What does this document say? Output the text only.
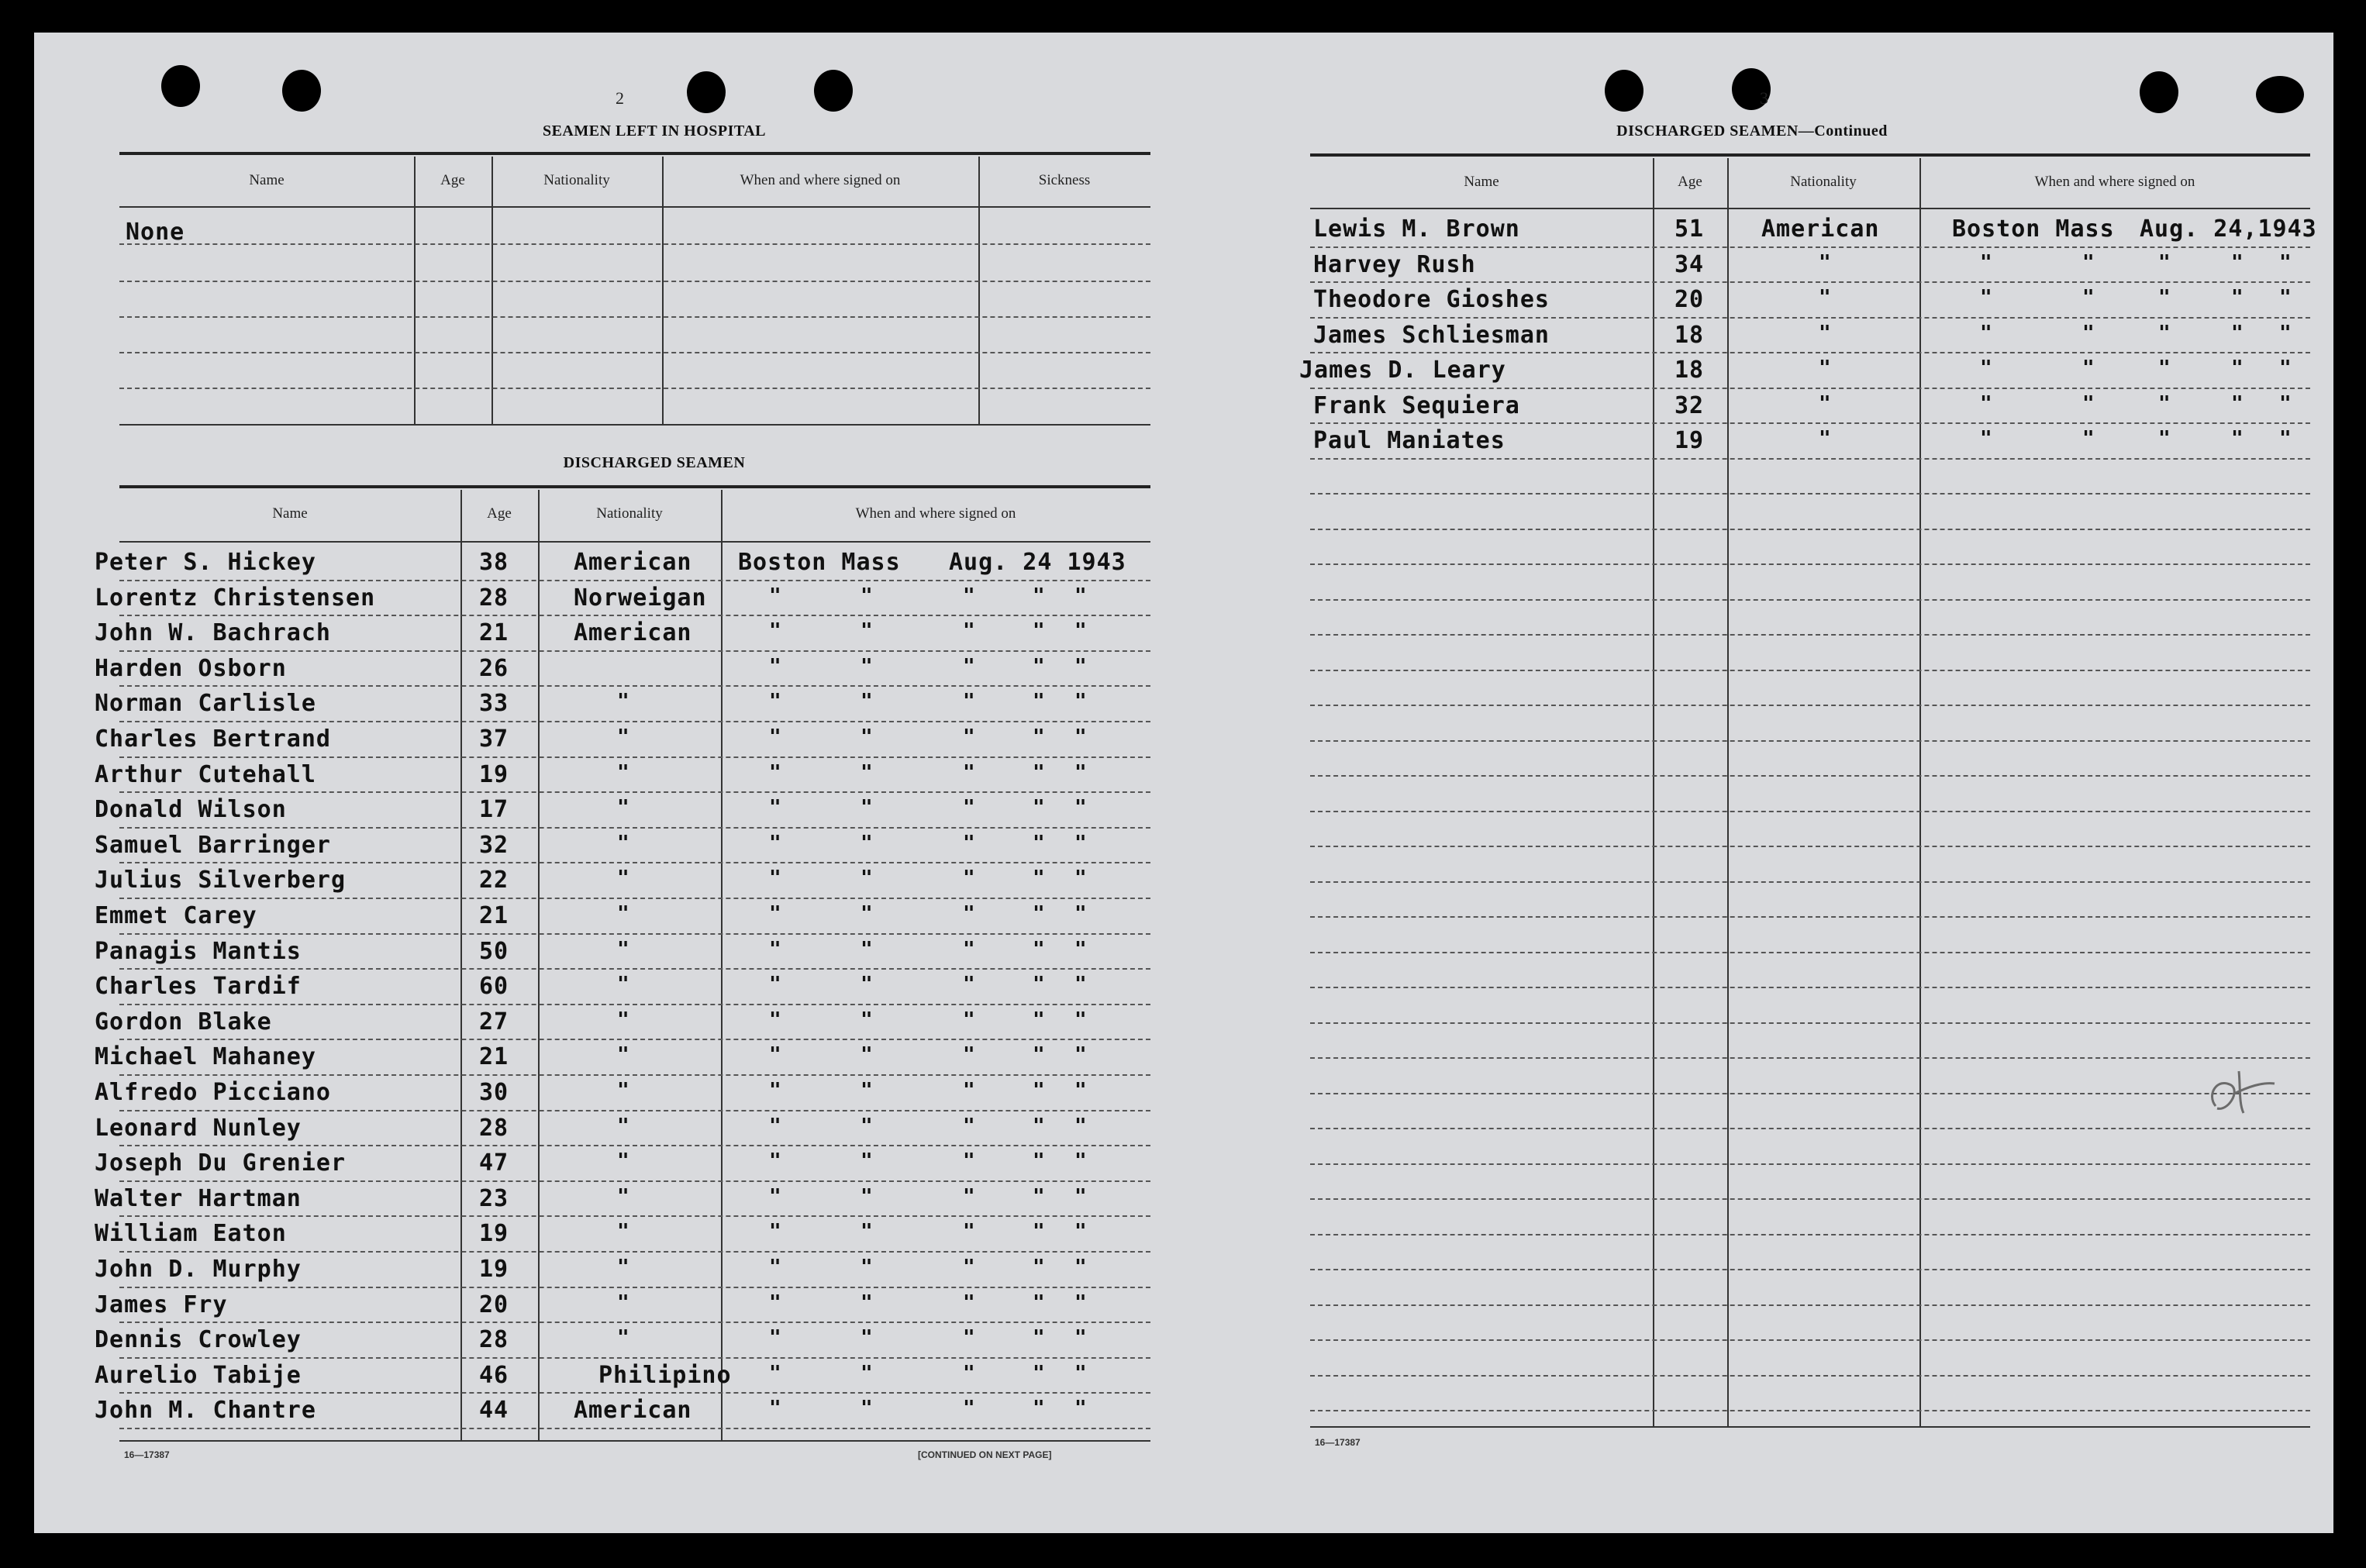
2
SEAMEN LEFT IN HOSPITAL
Name	Age	Nationality	When and where signed on	Sickness
None
DISCHARGED SEAMEN
Name	Age	Nationality	When and where signed on
Peter S. Hickey	38	American Boston Mass Aug. 24 1943
Lorentz Christensen	28	Norweigan	"	"	"	" "
John W. Bachrach	21	American	"	"	"	" "
Harden Osborn	26	"	"	"	" "
Norman Carlisle	33	"	"	"	"	" "
Charles Bertrand	37	"	"	"	"	" "
Arthur Cutehall	19	"	"	"	"	" "
Donald Wilson	17	"	"	"	"	" "
Samuel Barringer	32	"	"	"	"	" "
Julius Silverberg	22	"	"	"	"	" "
Emmet Carey	21	"	"	"	"	" "
Panagis Mantis	50	"	"	"	"	" "
Charles Tardif	60	"	"	"	"	" "
Gordon Blake	27	"	"	"	"	" "
Michael Mahaney	21	"	"	"	"	" "
Alfredo Picciano	30	"	"	"	"	" "
Leonard Nunley	28	"	"	"	"	" "
Joseph Du Grenier	47	"	"	"	"	" "
Walter Hartman	23	"	"	"	"	" "
William Eaton	19	"	"	"	"	" "
John D. Murphy	19	"	"	"	"	" "
James Fry	20	"	"	"	"	" "
Dennis Crowley	28	"	"	"	"	" "
Aurelio Tabije	46	Philipino "	"	"	" "
John M. Chantre	44	American	"	"	"	" "
16—17387	[CONTINUED ON NEXT PAGE]
3
DISCHARGED SEAMEN—Continued
Name	Age	Nationality	When and where signed on
Lewis M. Brown	51 American	Boston Mass Aug. 24,1943
Harvey Rush	34	"	"	"	"	" "
Theodore Gioshes	20	"	"	"	"	" "
James Schliesman	18	"	"	"	"	" "
James D. Leary	18	"	"	"	"	" "
Frank Sequiera	32	"	"	"	"	" "
Paul Maniates	19	"	"	"	"	" "
16—17387
